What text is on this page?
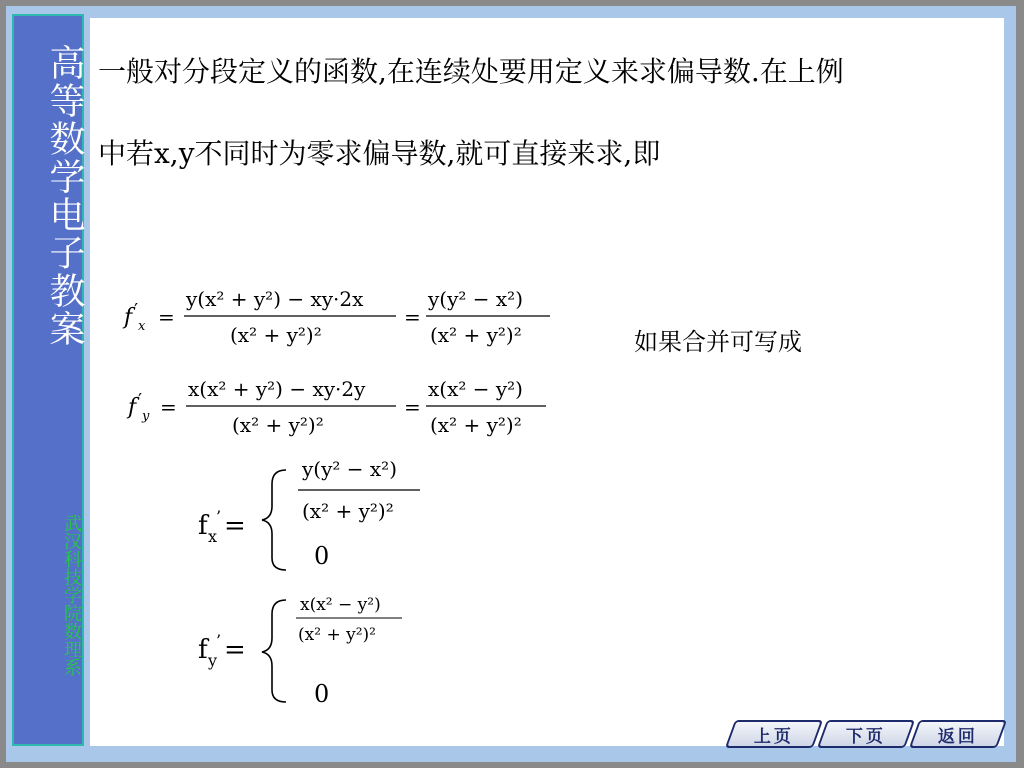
高等数学电子教案
武汉科技学院数理系
一般对分段定义的函数,在连续处要用定义来求偏导数.在上例
中若x,y不同时为零求偏导数,就可直接来求,即
如果合并可写成
f ′
x =
y(x² + y²) − xy·2x
(x² + y²)²
=
y(y² − x²)
(x² + y²)²
f ′
y =
x(x² + y²) − xy·2y
(x² + y²)²
=
x(x² − y²)
(x² + y²)²
f x
’ =
y(y² − x²)
(x² + y²)²
0
f y
’ =
x(x² − y²)
(x² + y²)²
0
上页	下页	返回
